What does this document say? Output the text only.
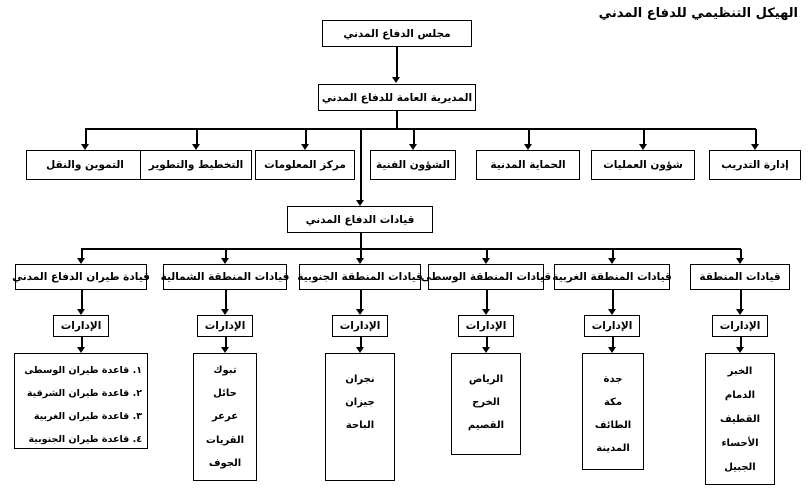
الهيكل التنظيمي للدفاع المدني
مجلس الدفاع المدني
المديرية العامة للدفاع المدني
التموين والنقل	التخطيط والتطوير	مركز المعلومات	الشؤون الفنية	الحماية المدنية	شؤون العمليات	إدارة التدريب
قيادات الدفاع المدني
قيادة طيران الدفاع المدني قيادات المنطقة الشمالية قيادات المنطقة الجنوبية
قيادات المنطقة الوسطى قيادات المنطقة الغربية	قيادات المنطقة
الإدارات	الإدارات	الإدارات	الإدارات	الإدارات	الإدارات
١. قاعدة طيران الوسطى
٢. قاعدة طيران الشرقية
٣. قاعدة طيران الغربية
٤. قاعدة طيران الجنوبية
تبوك
حائل
عرعر
القريات
الجوف
نجران
جيزان
الباحة
الرياض
الخرج
القصيم
جدة
مكة
الطائف
المدينة
الخبر
الدمام
القطيف
الأحساء
الجبيل
